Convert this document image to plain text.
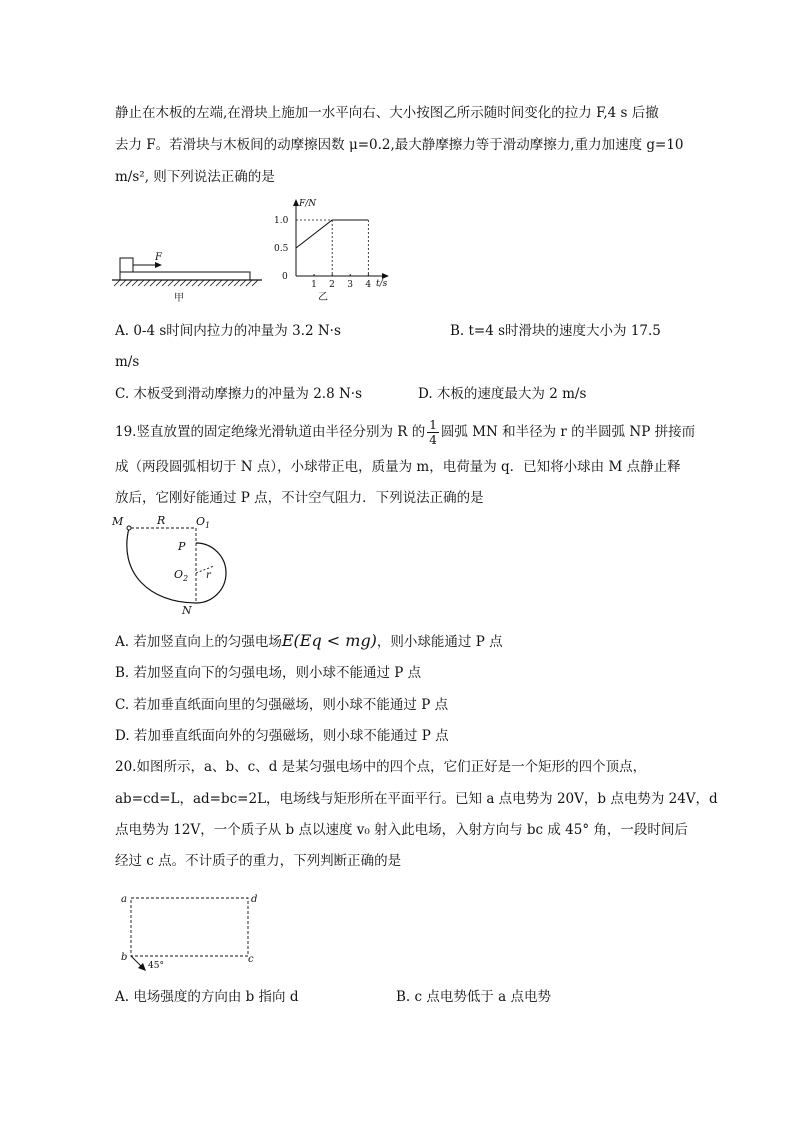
静止在木板的左端,在滑块上施加一水平向右、大小按图乙所示随时间变化的拉力 F,4 s 后撤
去力 F。若滑块与木板间的动摩擦因数 μ=0.2,最大静摩擦力等于滑动摩擦力,重力加速度 g=10
m/s², 则下列说法正确的是
F
甲
F/N
t/s
乙
1 2 3 4
1.0
0.5
0
A. 0-4 s时间内拉力的冲量为 3.2 N·s	B. t=4 s时滑块的速度大小为 17.5
m/s
C. 木板受到滑动摩擦力的冲量为 2.8 N·s	D. 木板的速度最大为 2 m/s
19.竖直放置的固定绝缘光滑轨道由半径分别为 R 的 $\frac{1}{4}$ 圆弧 MN 和半径为 r 的半圆弧 NP 拼接而
成（两段圆弧相切于 N 点），小球带正电，质量为 m，电荷量为 q．已知将小球由 M 点静止释
放后，它刚好能通过 P 点，不计空气阻力．下列说法正确的是
M	R	$O_1$
P
$O_2$ r
N
A. 若加竖直向上的匀强电场E(Eq < mg)，则小球能通过 P 点
B. 若加竖直向下的匀强电场，则小球不能通过 P 点
C. 若加垂直纸面向里的匀强磁场，则小球不能通过 P 点
D. 若加垂直纸面向外的匀强磁场，则小球不能通过 P 点
20.如图所示，a、b、c、d 是某匀强电场中的四个点，它们正好是一个矩形的四个顶点，
ab=cd=L，ad=bc=2L，电场线与矩形所在平面平行。已知 a 点电势为 20V，b 点电势为 24V，d
点电势为 12V，一个质子从 b 点以速度 v₀ 射入此电场，入射方向与 bc 成 45° 角，一段时间后
经过 c 点。不计质子的重力，下列判断正确的是
a	d
b	c
45°
A. 电场强度的方向由 b 指向 d	B. c 点电势低于 a 点电势
